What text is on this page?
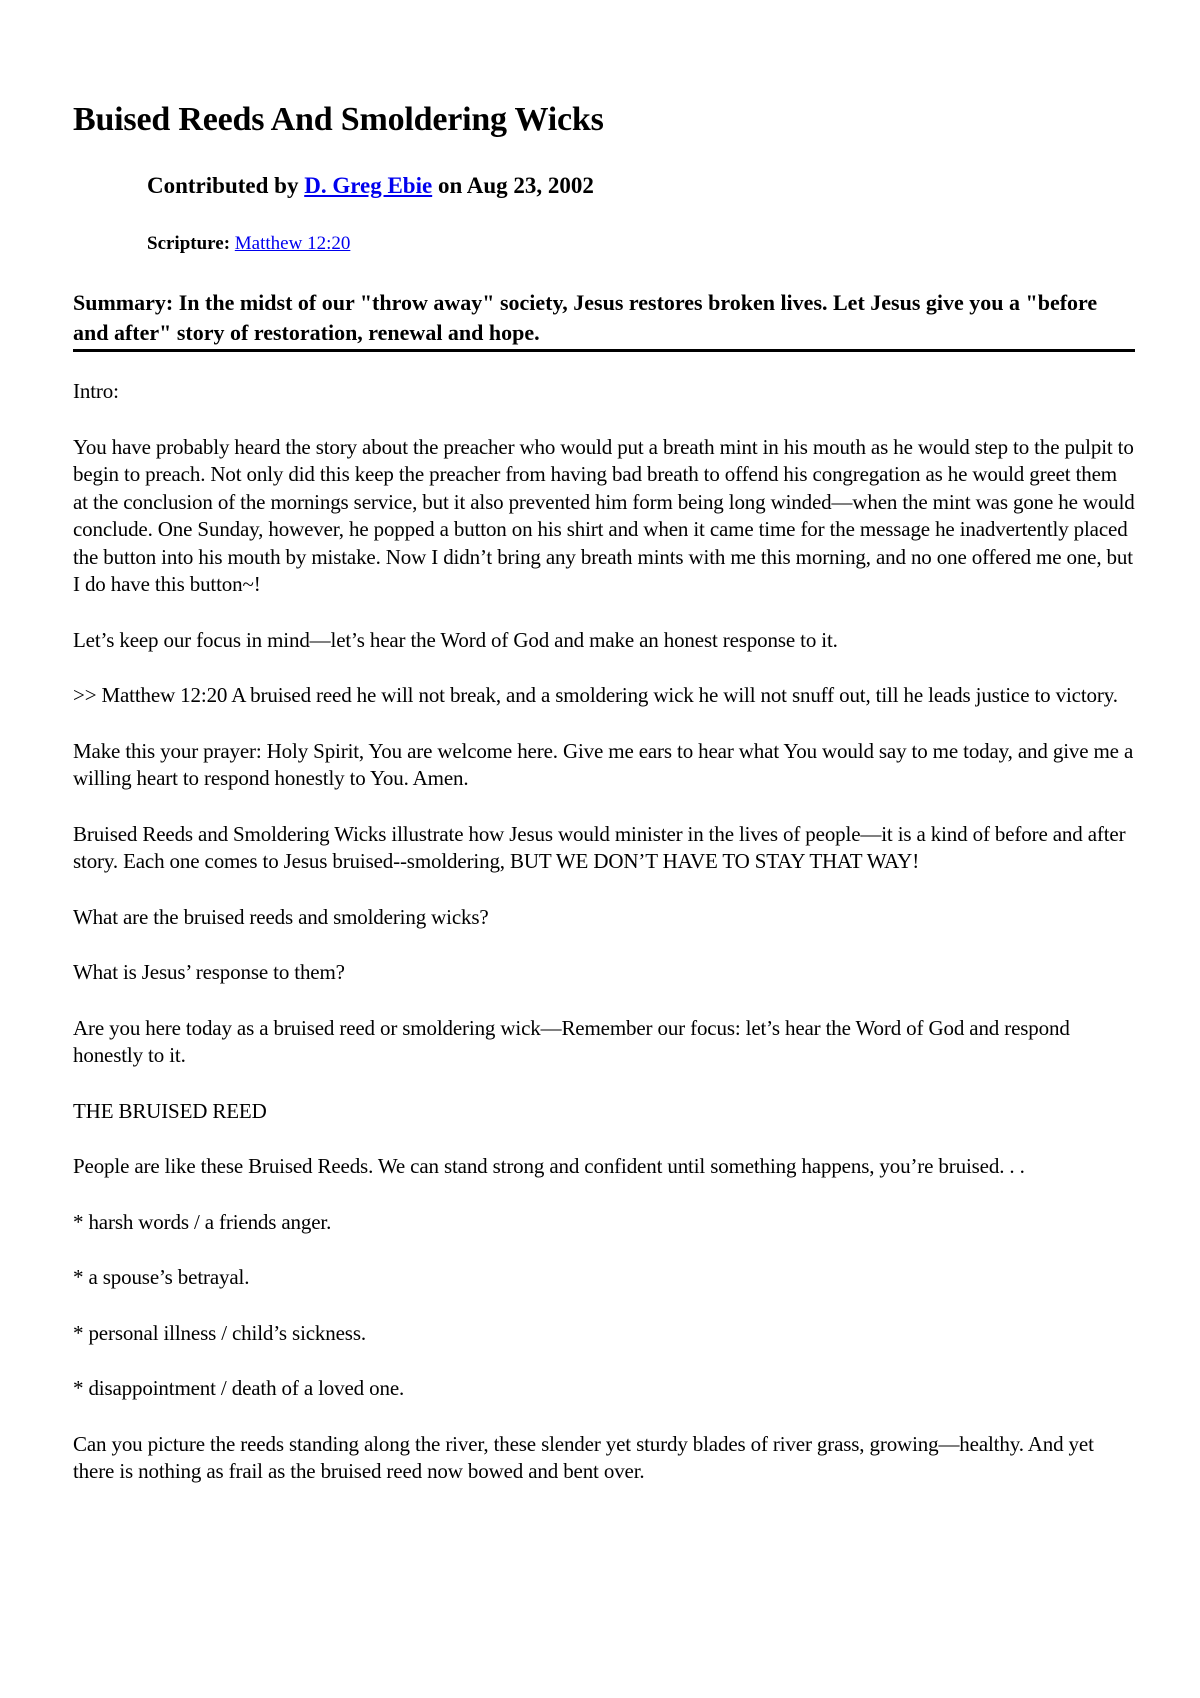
Buised Reeds And Smoldering Wicks
Contributed by D. Greg Ebie on Aug 23, 2002
Scripture: Matthew 12:20
Summary: In the midst of our "throw away" society, Jesus restores broken lives. Let Jesus give you a "before and after" story of restoration, renewal and hope.

Intro:

You have probably heard the story about the preacher who would put a breath mint in his mouth as he would step to the pulpit to begin to preach. Not only did this keep the preacher from having bad breath to offend his congregation as he would greet them at the conclusion of the mornings service, but it also prevented him form being long winded—when the mint was gone he would conclude. One Sunday, however, he popped a button on his shirt and when it came time for the message he inadvertently placed the button into his mouth by mistake. Now I didn’t bring any breath mints with me this morning, and no one offered me one, but I do have this button~!

Let’s keep our focus in mind—let’s hear the Word of God and make an honest response to it.

>> Matthew 12:20 A bruised reed he will not break, and a smoldering wick he will not snuff out, till he leads justice to victory.

Make this your prayer: Holy Spirit, You are welcome here. Give me ears to hear what You would say to me today, and give me a willing heart to respond honestly to You. Amen.

Bruised Reeds and Smoldering Wicks illustrate how Jesus would minister in the lives of people—it is a kind of before and after story. Each one comes to Jesus bruised--smoldering, BUT WE DON’T HAVE TO STAY THAT WAY!

What are the bruised reeds and smoldering wicks?

What is Jesus’ response to them?

Are you here today as a bruised reed or smoldering wick—Remember our focus: let’s hear the Word of God and respond honestly to it.

THE BRUISED REED

People are like these Bruised Reeds. We can stand strong and confident until something happens, you’re bruised. . .

* harsh words / a friends anger.

* a spouse’s betrayal.

* personal illness / child’s sickness.

* disappointment / death of a loved one.

Can you picture the reeds standing along the river, these slender yet sturdy blades of river grass, growing—healthy. And yet there is nothing as frail as the bruised reed now bowed and bent over.
